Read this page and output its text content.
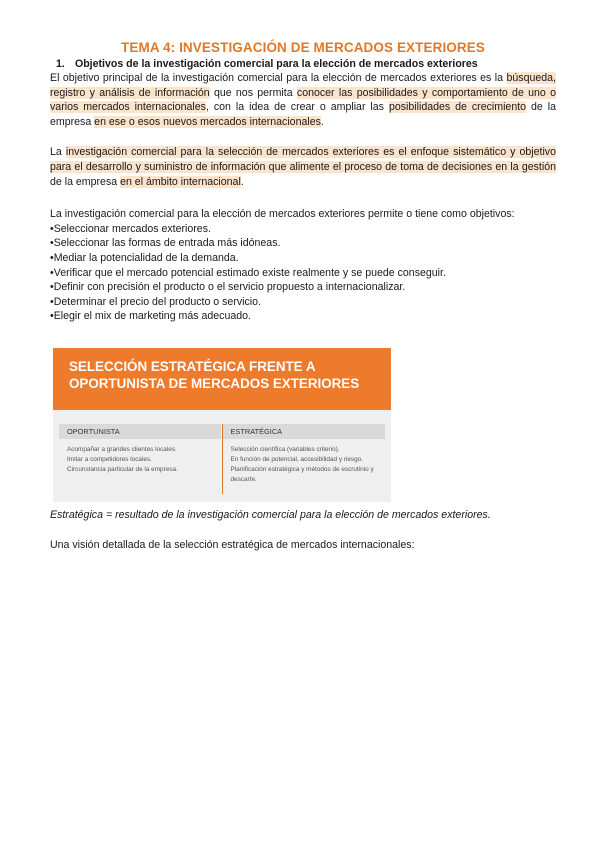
TEMA 4: INVESTIGACIÓN DE MERCADOS EXTERIORES
1. Objetivos de la investigación comercial para la elección de mercados exteriores

El objetivo principal de la investigación comercial para la elección de mercados exteriores es la búsqueda, registro y análisis de información que nos permita conocer las posibilidades y comportamiento de uno o varios mercados internacionales, con la idea de crear o ampliar las posibilidades de crecimiento de la empresa en ese o esos nuevos mercados internacionales.

La investigación comercial para la selección de mercados exteriores es el enfoque sistemático y objetivo para el desarrollo y suministro de información que alimente el proceso de toma de decisiones en la gestión de la empresa en el ámbito internacional.

La investigación comercial para la elección de mercados exteriores permite o tiene como objetivos:

• Seleccionar mercados exteriores.
• Seleccionar las formas de entrada más idóneas.
• Mediar la potencialidad de la demanda.
• Verificar que el mercado potencial estimado existe realmente y se puede conseguir.
• Definir con precisión el producto o el servicio propuesto a internacionalizar.
• Determinar el precio del producto o servicio.
• Elegir el mix de marketing más adecuado.
SELECCIÓN ESTRATÉGICA FRENTE A
OPORTUNISTA DE MERCADOS EXTERIORES
OPORTUNISTA
Acompañar a grandes clientes locales.
Imitar a competidores locales.
Circunstancia particular de la empresa.
ESTRATÉGICA
Selección científica (variables criterio).
En función de potencial, accesibilidad y riesgo.
Planificación estratégica y métodos de escrutinio y descarte.
Estratégica = resultado de la investigación comercial para la elección de mercados exteriores.

Una visión detallada de la selección estratégica de mercados internacionales:
